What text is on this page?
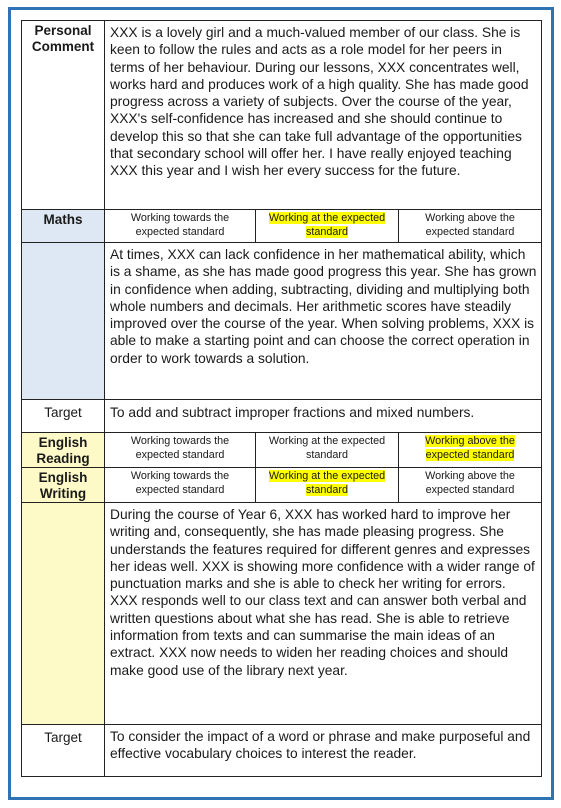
Personal
Comment	XXX is a lovely girl and a much-valued member of our class. She is keen to follow the rules and acts as a role model for her peers in terms of her behaviour. During our lessons, XXX concentrates well, works hard and produces work of a high quality. She has made good progress across a variety of subjects. Over the course of the year, XXX's self-confidence has increased and she should continue to develop this so that she can take full advantage of the opportunities that secondary school will offer her. I have really enjoyed teaching XXX this year and I wish her every success for the future.		
Maths	Working towards the expected standard	Working at the expected standard	Working above the expected standard
	At times, XXX can lack confidence in her mathematical ability, which is a shame, as she has made good progress this year. She has grown in confidence when adding, subtracting, dividing and multiplying both whole numbers and decimals. Her arithmetic scores have steadily improved over the course of the year. When solving problems, XXX is able to make a starting point and can choose the correct operation in order to work towards a solution.		
Target	To add and subtract improper fractions and mixed numbers.		

English
Reading	Working towards the expected standard	Working at the expected standard	Working above the expected standard

English
Writing	Working towards the expected standard	Working at the expected standard	Working above the expected standard

	During the course of Year 6, XXX has worked hard to improve her writing and, consequently, she has made pleasing progress. She understands the features required for different genres and expresses her ideas well. XXX is showing more confidence with a wider range of punctuation marks and she is able to check her writing for errors.
XXX responds well to our class text and can answer both verbal and written questions about what she has read. She is able to retrieve information from texts and can summarise the main ideas of an extract. XXX now needs to widen her reading choices and should make good use of the library next year.		

Target	To consider the impact of a word or phrase and make purposeful and effective vocabulary choices to interest the reader.		
